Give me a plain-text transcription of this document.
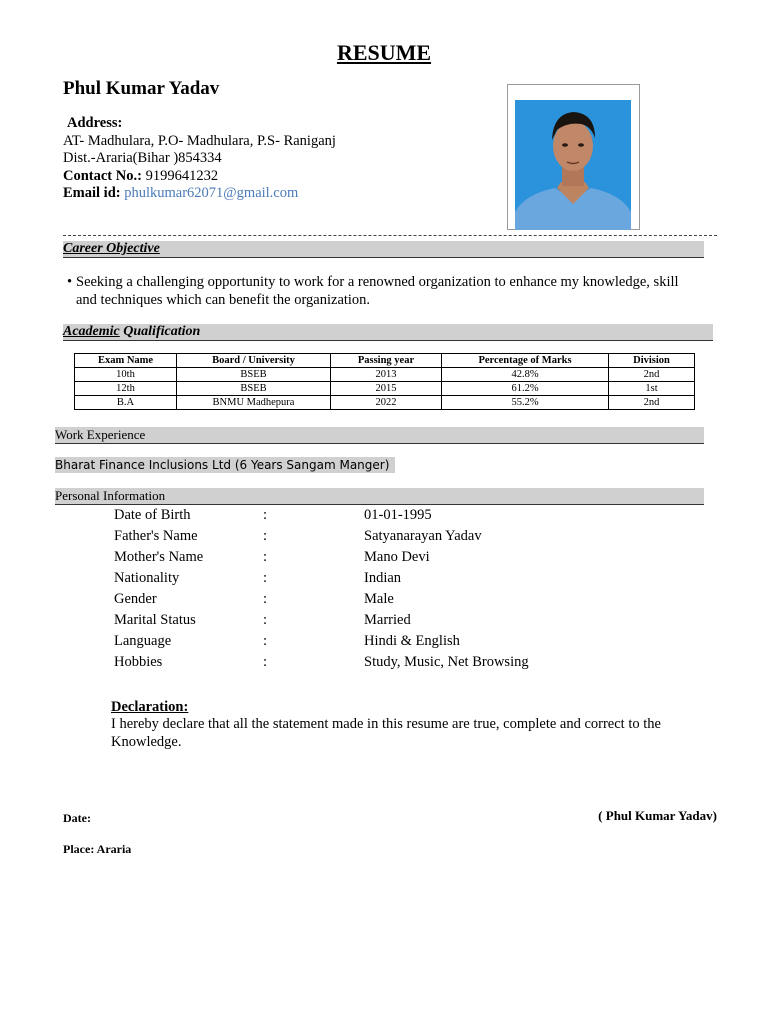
RESUME
Phul Kumar Yadav
Address:
AT- Madhulara, P.O- Madhulara, P.S- Raniganj
Dist.-Araria(Bihar )854334
Contact No.: 9199641232
Email id: phulkumar62071@gmail.com
Career Objective
• Seeking a challenging opportunity to work for a renowned organization to enhance my knowledge, skill and techniques which can benefit the organization.
Academic Qualification
Exam Name	Board / University	Passing year	Percentage of Marks	Division
10th	BSEB	2013	42.8%	2nd
12th	BSEB	2015	61.2%	1st
B.A	BNMU Madhepura	2022	55.2%	2nd
Work Experience
Bharat Finance Inclusions Ltd (6 Years Sangam Manger)
Personal Information
Date of Birth	:	01-01-1995
Father's Name	:	Satyanarayan Yadav
Mother's Name	:	Mano Devi
Nationality	:	Indian
Gender	:	Male
Marital Status	:	Married
Language	:	Hindi & English
Hobbies	:	Study, Music, Net Browsing
Declaration:
I hereby declare that all the statement made in this resume are true, complete and correct to the Knowledge.
( Phul Kumar Yadav)
Date:
Place: Araria
